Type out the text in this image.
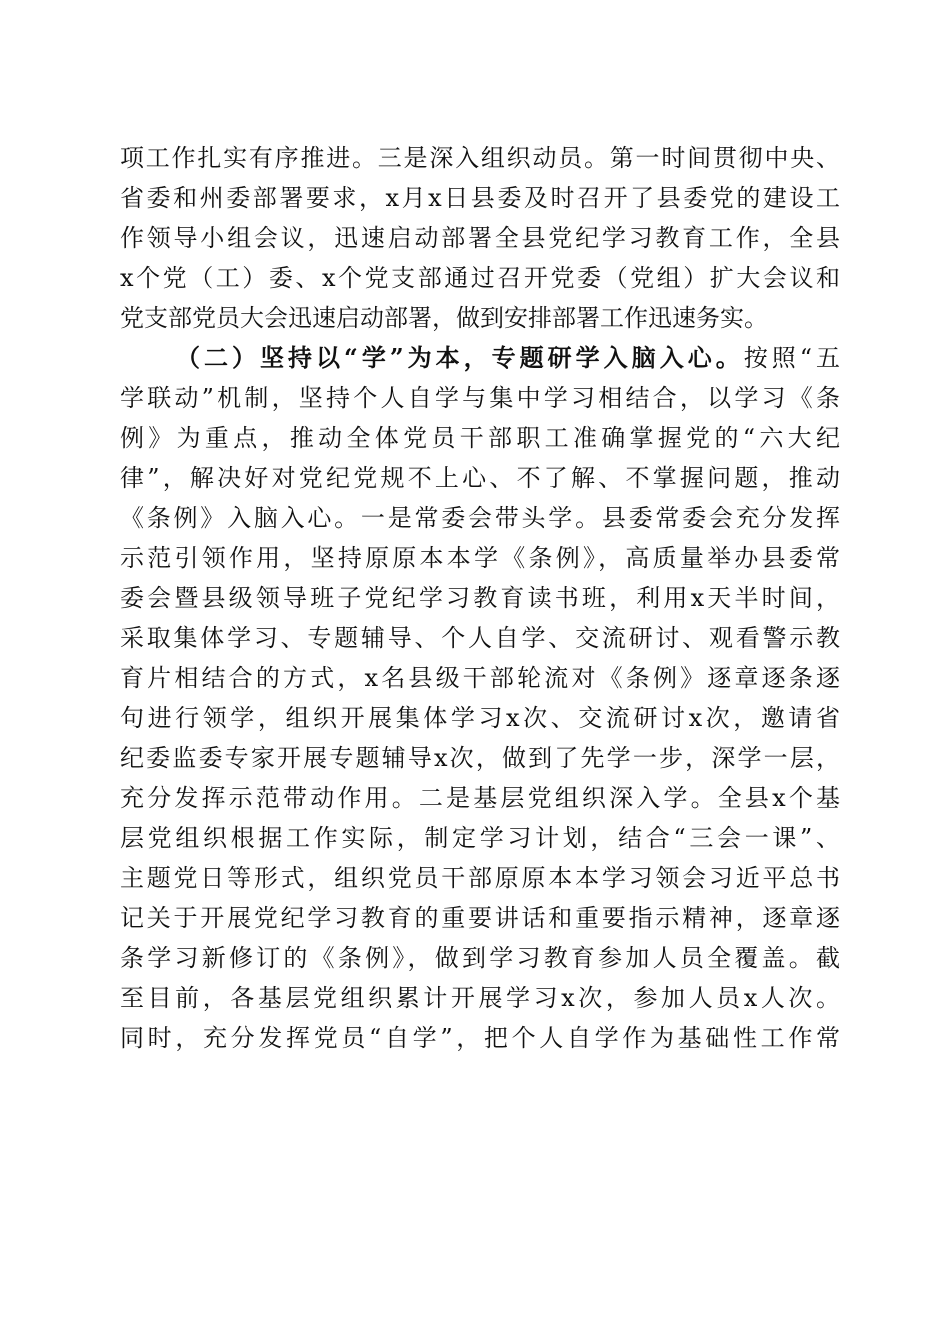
项工作扎实有序推进。三是深入组织动员。第一时间贯彻中央、
省委和州委部署要求，x月x日县委及时召开了县委党的建设工
作领导小组会议，迅速启动部署全县党纪学习教育工作，全县
x个党（工）委、x个党支部通过召开党委（党组）扩大会议和
党支部党员大会迅速启动部署，做到安排部署工作迅速务实。
（二）坚持以“学”为本，专题研学入脑入心。按照“五
学联动”机制，坚持个人自学与集中学习相结合，以学习《条
例》为重点，推动全体党员干部职工准确掌握党的“六大纪
律”，解决好对党纪党规不上心、不了解、不掌握问题，推动
《条例》入脑入心。一是常委会带头学。县委常委会充分发挥
示范引领作用，坚持原原本本学《条例》，高质量举办县委常
委会暨县级领导班子党纪学习教育读书班，利用x天半时间，
采取集体学习、专题辅导、个人自学、交流研讨、观看警示教
育片相结合的方式，x名县级干部轮流对《条例》逐章逐条逐
句进行领学，组织开展集体学习x次、交流研讨x次，邀请省
纪委监委专家开展专题辅导x次，做到了先学一步，深学一层，
充分发挥示范带动作用。二是基层党组织深入学。全县x个基
层党组织根据工作实际，制定学习计划，结合“三会一课”、
主题党日等形式，组织党员干部原原本本学习领会习近平总书
记关于开展党纪学习教育的重要讲话和重要指示精神，逐章逐
条学习新修订的《条例》，做到学习教育参加人员全覆盖。截
至目前，各基层党组织累计开展学习x次，参加人员x人次。
同时，充分发挥党员“自学”，把个人自学作为基础性工作常
